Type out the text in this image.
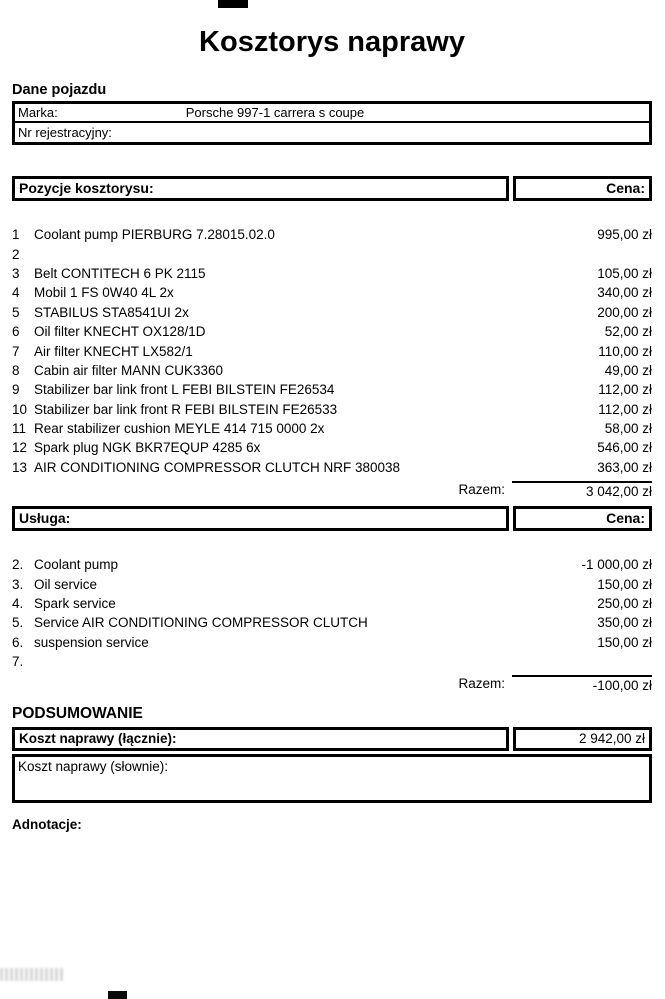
Kosztorys naprawy
Dane pojazdu
Marka:	Porsche 997-1 carrera s coupe
Nr rejestracyjny:
Pozycje kosztorysu:	Cena:
1	Coolant pump PIERBURG 7.28015.02.0	995,00 zł
2
3	Belt CONTITECH 6 PK 2115	105,00 zł
4	Mobil 1 FS 0W40 4L 2x	340,00 zł
5	STABILUS STA8541UI 2x	200,00 zł
6	Oil filter KNECHT OX128/1D	52,00 zł
7	Air filter KNECHT LX582/1	110,00 zł
8	Cabin air filter MANN CUK3360	49,00 zł
9	Stabilizer bar link front L FEBI BILSTEIN FE26534	112,00 zł
10 Stabilizer bar link front R FEBI BILSTEIN FE26533	112,00 zł
11 Rear stabilizer cushion MEYLE 414 715 0000 2x	58,00 zł
12 Spark plug NGK BKR7EQUP 4285 6x	546,00 zł
13 AIR CONDITIONING COMPRESSOR CLUTCH NRF 380038	363,00 zł
Razem:	3 042,00 zł
Usługa:	Cena:
2. Coolant pump	-1 000,00 zł
3. Oil service	150,00 zł
4. Spark service	250,00 zł
5. Service AIR CONDITIONING COMPRESSOR CLUTCH	350,00 zł
6. suspension service	150,00 zł
7.
Razem:	-100,00 zł
PODSUMOWANIE
Koszt naprawy (łącznie):	2 942,00 zł
Koszt naprawy (słownie):
Adnotacje:
